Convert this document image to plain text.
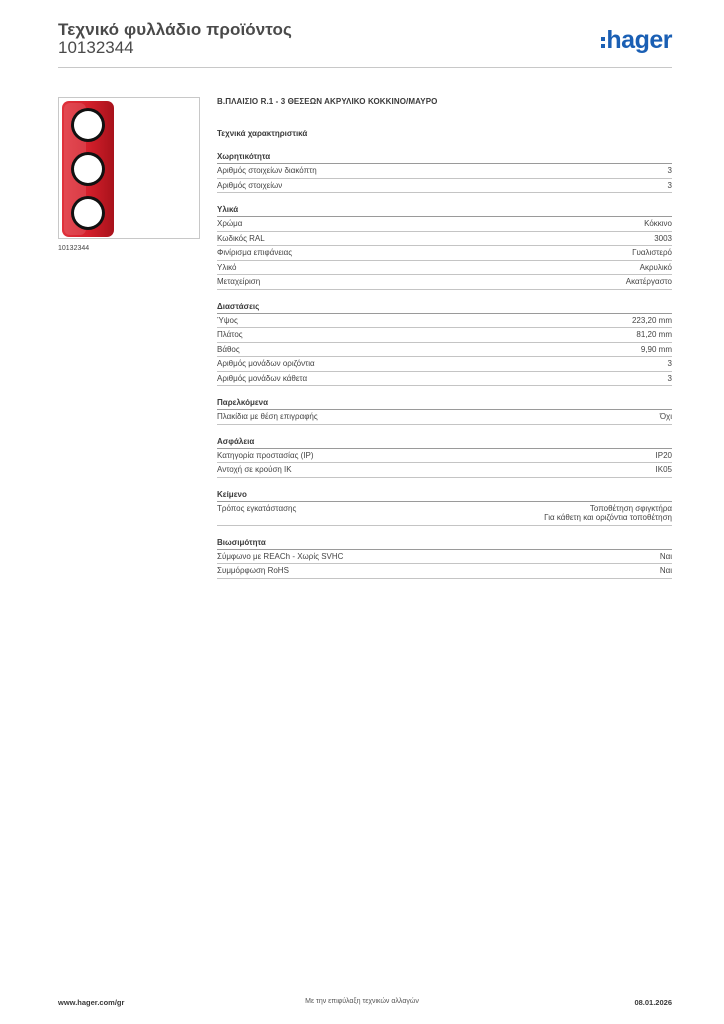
Τεχνικό φυλλάδιο προϊόντος
10132344	hager
10132344
Β.ΠΛΑΙΣΙΟ R.1 - 3 ΘΕΣΕΩΝ ΑΚΡΥΛΙΚΟ ΚΟΚΚΙΝΟ/ΜΑΥΡΟ
Τεχνικά χαρακτηριστικά
Χωρητικότητα
Αριθμός στοιχείων διακόπτη	3
Αριθμός στοιχείων	3
Υλικά
Χρώμα	Κόκκινο
Κωδικός RAL	3003
Φινίρισμα επιφάνειας	Γυαλιστερό
Υλικό	Ακρυλικό
Μεταχείριση	Ακατέργαστο
Διαστάσεις
Ύψος	223,20 mm
Πλάτος	81,20 mm
Βάθος	9,90 mm
Αριθμός μονάδων οριζόντια	3
Αριθμός μονάδων κάθετα	3
Παρελκόμενα
Πλακίδια με θέση επιγραφής	Όχι
Ασφάλεια
Κατηγορία προστασίας (IP)	IP20
Αντοχή σε κρούση IK	IK05
Κείμενο
Τρόπος εγκατάστασης	Τοποθέτηση σφιγκτήρα
Για κάθετη και οριζόντια τοποθέτηση
Βιωσιμότητα
Σύμφωνο με REACh - Χωρίς SVHC	Ναι
Συμμόρφωση RoHS	Ναι
Με την επιφύλαξη τεχνικών αλλαγών
www.hager.com/gr	08.01.2026
